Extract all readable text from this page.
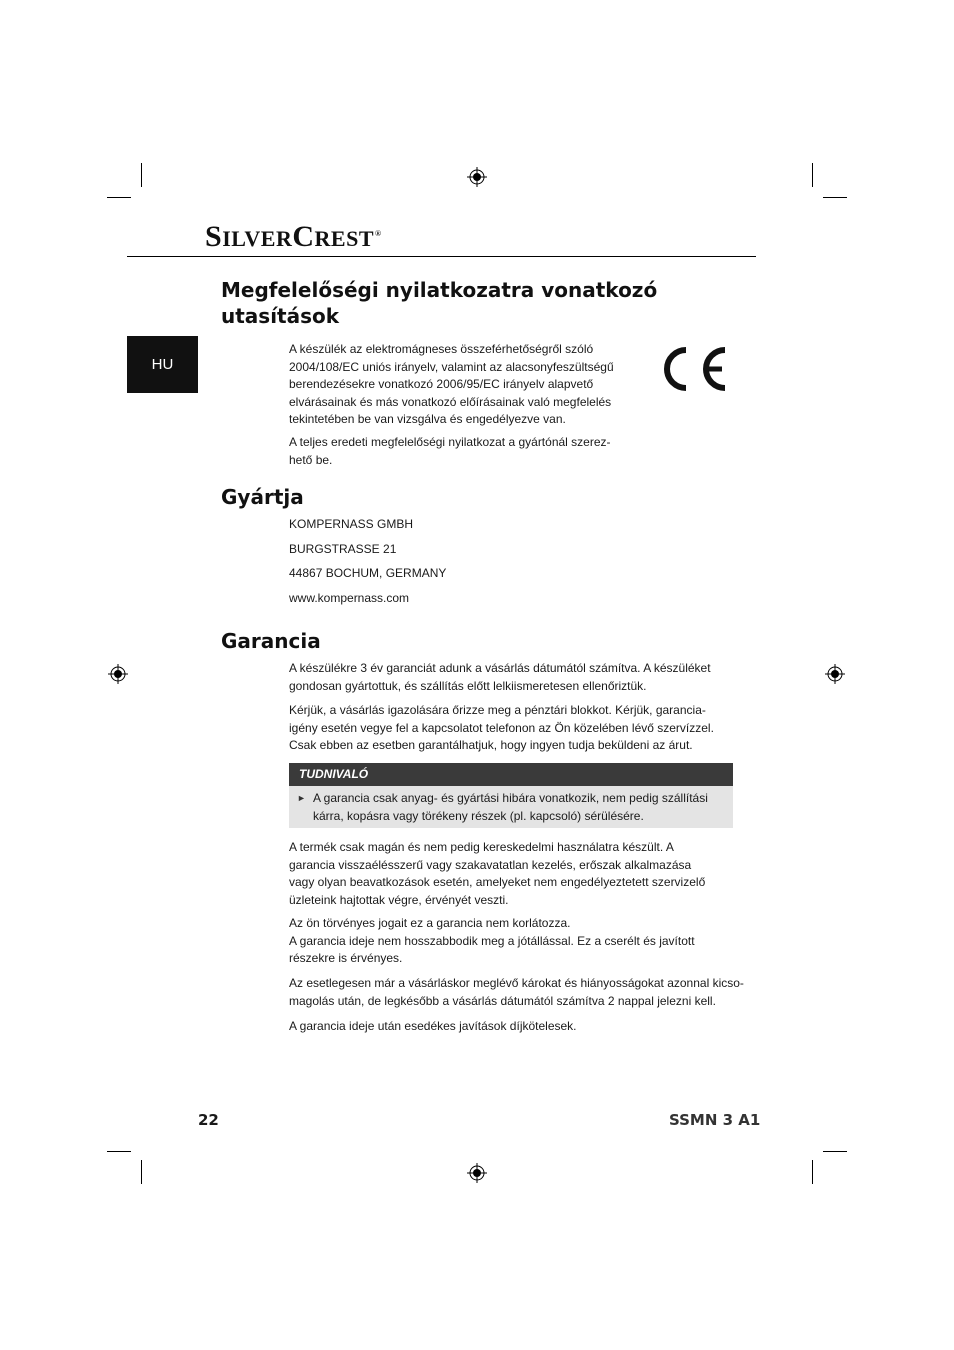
SILVERCREST®
HU
Megfelelőségi nyilatkozatra vonatkozó utasítások
A készülék az elektromágneses összeférhetőségről szóló
2004/108/EC uniós irányelv, valamint az alacsonyfeszültségű
berendezésekre vonatkozó 2006/95/EC irányelv alapvető
elvárásainak és más vonatkozó előírásainak való megfelelés
tekintetében be van vizsgálva és engedélyezve van.
A teljes eredeti megfelelőségi nyilatkozat a gyártónál szerez-
hető be.
Gyártja
KOMPERNASS GMBH
BURGSTRASSE 21
44867 BOCHUM, GERMANY
www.kompernass.com
Garancia
A készülékre 3 év garanciát adunk a vásárlás dátumától számítva. A készüléket
gondosan gyártottuk, és szállítás előtt lelkiismeretesen ellenőriztük.
Kérjük, a vásárlás igazolására őrizze meg a pénztári blokkot. Kérjük, garancia-
igény esetén vegye fel a kapcsolatot telefonon az Ön közelében lévő szervízzel.
Csak ebben az esetben garantálhatjuk, hogy ingyen tudja beküldeni az árut.
TUDNIVALÓ
► A garancia csak anyag- és gyártási hibára vonatkozik, nem pedig szállítási
kárra, kopásra vagy törékeny részek (pl. kapcsoló) sérülésére.
A termék csak magán és nem pedig kereskedelmi használatra készült. A
garancia visszaélésszerű vagy szakavatatlan kezelés, erőszak alkalmazása
vagy olyan beavatkozások esetén, amelyeket nem engedélyeztetett szervizelő
üzleteink hajtottak végre, érvényét veszti.
Az ön törvényes jogait ez a garancia nem korlátozza.
A garancia ideje nem hosszabbodik meg a jótállással. Ez a cserélt és javított
részekre is érvényes.
Az esetlegesen már a vásárláskor meglévő károkat és hiányosságokat azonnal kicso-
magolás után, de legkésőbb a vásárlás dátumától számítva 2 nappal jelezni kell.
A garancia ideje után esedékes javítások díjkötelesek.
22	SSMN 3 A1
